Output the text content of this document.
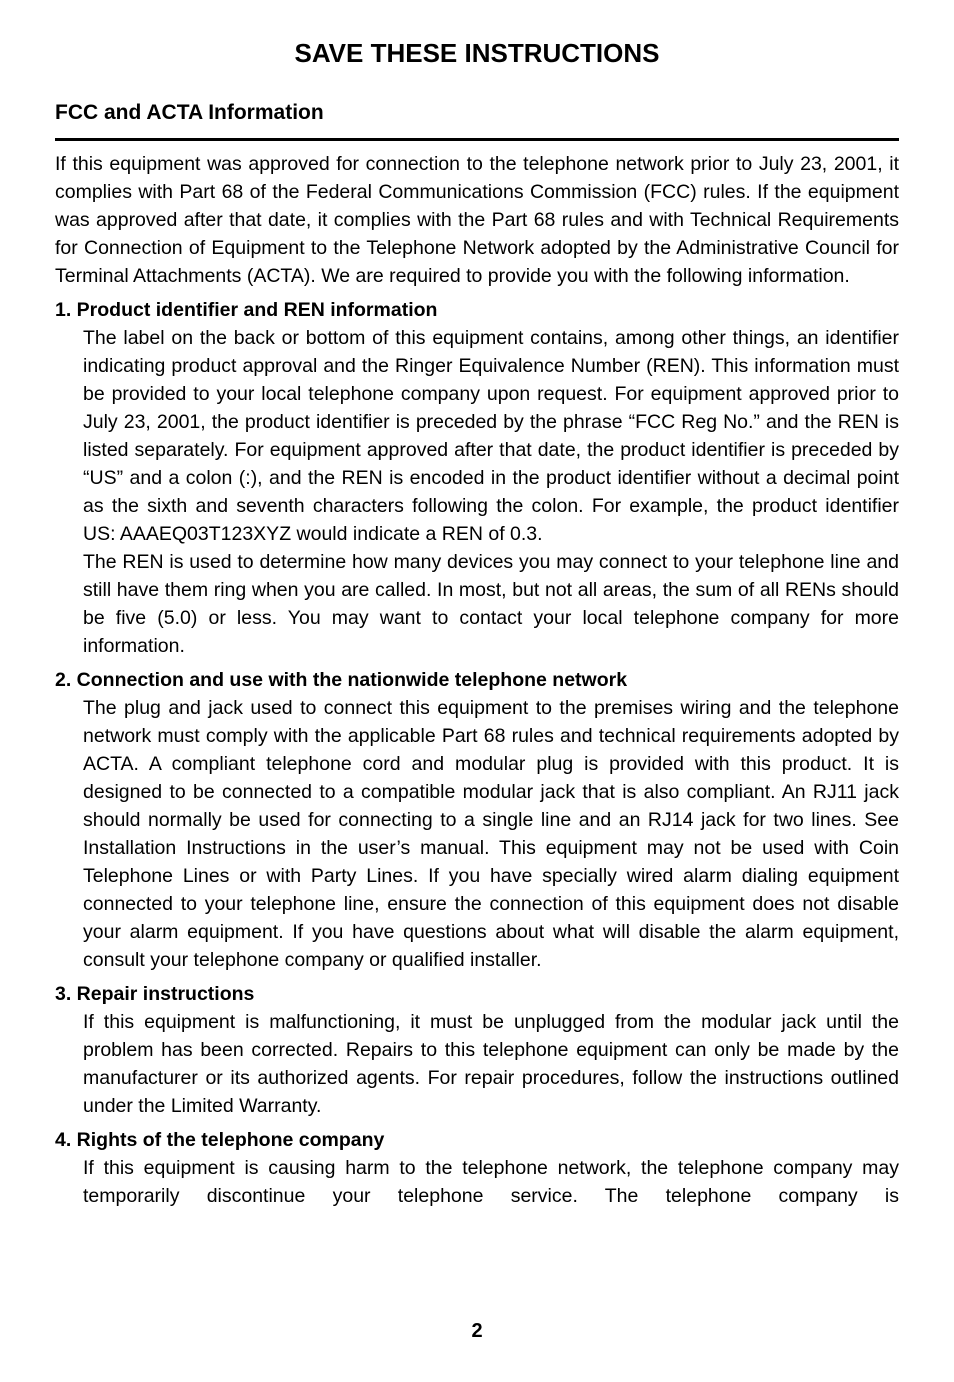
SAVE THESE INSTRUCTIONS
FCC and ACTA Information

If this equipment was approved for connection to the telephone network prior to July 23, 2001, it complies with Part 68 of the Federal Communications Commission (FCC) rules. If the equipment was approved after that date, it complies with the Part 68 rules and with Technical Requirements for Connection of Equipment to the Telephone Network adopted by the Administrative Council for Terminal Attachments (ACTA). We are required to provide you with the following information.

1. Product identifier and REN information

The label on the back or bottom of this equipment contains, among other things, an identifier indicating product approval and the Ringer Equivalence Number (REN). This information must be provided to your local telephone company upon request. For equipment approved prior to July 23, 2001, the product identifier is preceded by the phrase “FCC Reg No.” and the REN is listed separately. For equipment approved after that date, the product identifier is preceded by “US” and a colon (:), and the REN is encoded in the product identifier without a decimal point as the sixth and seventh characters following the colon. For example, the product identifier US: AAAEQ03T123XYZ would indicate a REN of 0.3.

The REN is used to determine how many devices you may connect to your telephone line and still have them ring when you are called. In most, but not all areas, the sum of all RENs should be five (5.0) or less. You may want to contact your local telephone company for more information.

2. Connection and use with the nationwide telephone network

The plug and jack used to connect this equipment to the premises wiring and the telephone network must comply with the applicable Part 68 rules and technical requirements adopted by ACTA. A compliant telephone cord and modular plug is provided with this product. It is designed to be connected to a compatible modular jack that is also compliant. An RJ11 jack should normally be used for connecting to a single line and an RJ14 jack for two lines. See Installation Instructions in the user’s manual. This equipment may not be used with Coin Telephone Lines or with Party Lines. If you have specially wired alarm dialing equipment connected to your telephone line, ensure the connection of this equipment does not disable your alarm equipment. If you have questions about what will disable the alarm equipment, consult your telephone company or qualified installer.

3. Repair instructions

If this equipment is malfunctioning, it must be unplugged from the modular jack until the problem has been corrected. Repairs to this telephone equipment can only be made by the manufacturer or its authorized agents. For repair procedures, follow the instructions outlined under the Limited Warranty.

4. Rights of the telephone company

If this equipment is causing harm to the telephone network, the telephone company may temporarily discontinue your telephone service. The telephone company is

2
